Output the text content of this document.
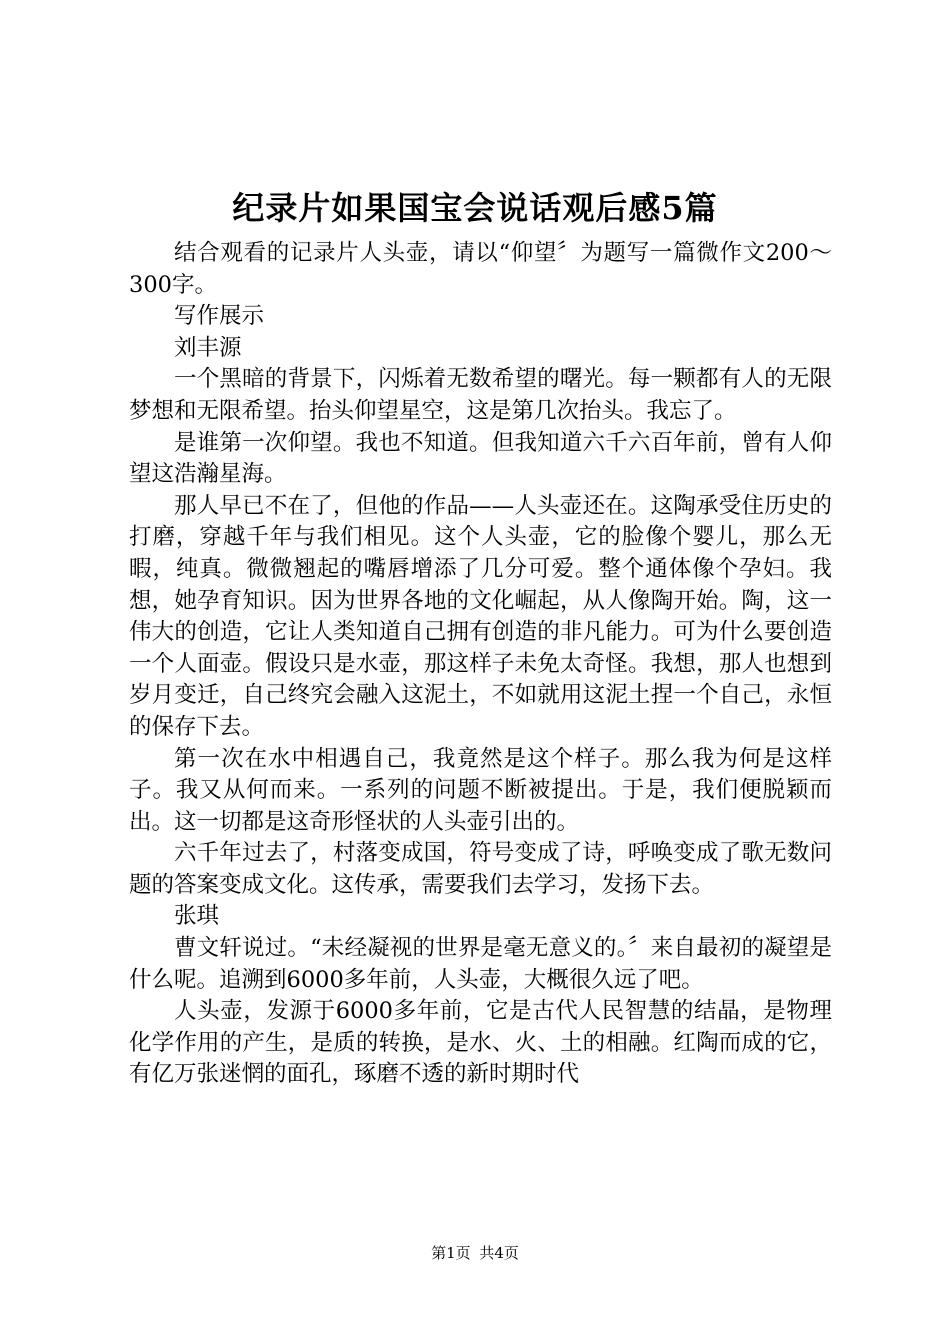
纪录片如果国宝会说话观后感5篇

结合观看的记录片人头壶，请以“仰望〞为题写一篇微作文200～300字。

写作展示

刘丰源

一个黑暗的背景下，闪烁着无数希望的曙光。每一颗都有人的无限梦想和无限希望。抬头仰望星空，这是第几次抬头。我忘了。

是谁第一次仰望。我也不知道。但我知道六千六百年前，曾有人仰望这浩瀚星海。

那人早已不在了，但他的作品——人头壶还在。这陶承受住历史的打磨，穿越千年与我们相见。这个人头壶，它的脸像个婴儿，那么无暇，纯真。微微翘起的嘴唇增添了几分可爱。整个通体像个孕妇。我想，她孕育知识。因为世界各地的文化崛起，从人像陶开始。陶，这一伟大的创造，它让人类知道自己拥有创造的非凡能力。可为什么要创造一个人面壶。假设只是水壶，那这样子未免太奇怪。我想，那人也想到岁月变迁，自己终究会融入这泥土，不如就用这泥土捏一个自己，永恒的保存下去。

第一次在水中相遇自己，我竟然是这个样子。那么我为何是这样子。我又从何而来。一系列的问题不断被提出。于是，我们便脱颖而出。这一切都是这奇形怪状的人头壶引出的。

六千年过去了，村落变成国，符号变成了诗，呼唤变成了歌无数问题的答案变成文化。这传承，需要我们去学习，发扬下去。

张琪

曹文轩说过。“未经凝视的世界是毫无意义的。〞来自最初的凝望是什么呢。追溯到6000多年前，人头壶，大概很久远了吧。

人头壶，发源于6000多年前，它是古代人民智慧的结晶，是物理化学作用的产生，是质的转换，是水、火、土的相融。红陶而成的它，有亿万张迷惘的面孔，琢磨不透的新时期时代

第1页 共4页
